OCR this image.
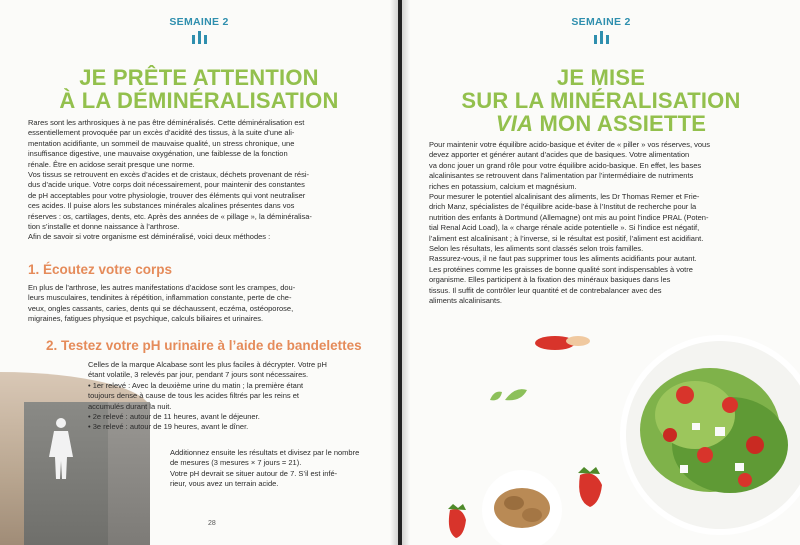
SEMAINE 2
JE PRÊTE ATTENTION
À LA DÉMINÉRALISATION

Rares sont les arthrosiques à ne pas être déminéralisés. Cette déminéralisation est

essentiellement provoquée par un excès d’acidité des tissus, à la suite d’une ali-

mentation acidifiante, un sommeil de mauvaise qualité, un stress chronique, une

insuffisance digestive, une mauvaise oxygénation, une faiblesse de la fonction

rénale. Être en acidose serait presque une norme.

Vos tissus se retrouvent en excès d’acides et de cristaux, déchets provenant de rési-

dus d’acide urique. Votre corps doit nécessairement, pour maintenir des constantes

de pH acceptables pour votre physiologie, trouver des éléments qui vont neutraliser

ces acides. Il puise alors les substances minérales alcalines présentes dans vos

réserves : os, cartilages, dents, etc. Après des années de « pillage », la déminéralisa-

tion s’installe et donne naissance à l’arthrose.

Afin de savoir si votre organisme est déminéralisé, voici deux méthodes :

1. Écoutez votre corps

En plus de l’arthrose, les autres manifestations d’acidose sont les crampes, dou-

leurs musculaires, tendinites à répétition, inflammation constante, perte de che-

veux, ongles cassants, caries, dents qui se déchaussent, eczéma, ostéoporose,

migraines, fatigues physique et psychique, calculs biliaires et urinaires.

2. Testez votre pH urinaire à l’aide de bandelettes

Celles de la marque Alcabase sont les plus faciles à décrypter. Votre pH

étant volatile, 3 relevés par jour, pendant 7 jours sont nécessaires.

• 1er relevé : Avec la deuxième urine du matin ; la première étant

toujours dense à cause de tous les acides filtrés par les reins et

accumulés durant la nuit.

• 2e relevé : autour de 11 heures, avant le déjeuner.

• 3e relevé : autour de 19 heures, avant le dîner.

Additionnez ensuite les résultats et divisez par le nombre

de mesures (3 mesures × 7 jours = 21).

Votre pH devrait se situer autour de 7. S’il est infé-

rieur, vous avez un terrain acide.

28
SEMAINE 2
JE MISE
SUR LA MINÉRALISATION
VIA MON ASSIETTE

Pour maintenir votre équilibre acido-basique et éviter de « piller » vos réserves, vous

devez apporter et générer autant d’acides que de basiques. Votre alimentation

va donc jouer un grand rôle pour votre équilibre acido-basique. En effet, les bases

alcalinisantes se retrouvent dans l’alimentation par l’intermédiaire de nutriments

riches en potassium, calcium et magnésium.

Pour mesurer le potentiel alcalinisant des aliments, les Dr Thomas Remer et Frie-

drich Manz, spécialistes de l’équilibre acide-base à l’Institut de recherche pour la

nutrition des enfants à Dortmund (Allemagne) ont mis au point l’indice PRAL (Poten-

tial Renal Acid Load), la « charge rénale acide potentielle ». Si l’indice est négatif,

l’aliment est alcalinisant ; à l’inverse, si le résultat est positif, l’aliment est acidifiant.

Selon les résultats, les aliments sont classés selon trois familles.

Rassurez-vous, il ne faut pas supprimer tous les aliments acidifiants pour autant.

Les protéines comme les graisses de bonne qualité sont indispensables à votre

organisme. Elles participent à la fixation des minéraux basiques dans les

tissus. Il suffit de contrôler leur quantité et de contrebalancer avec des

aliments alcalinisants.
